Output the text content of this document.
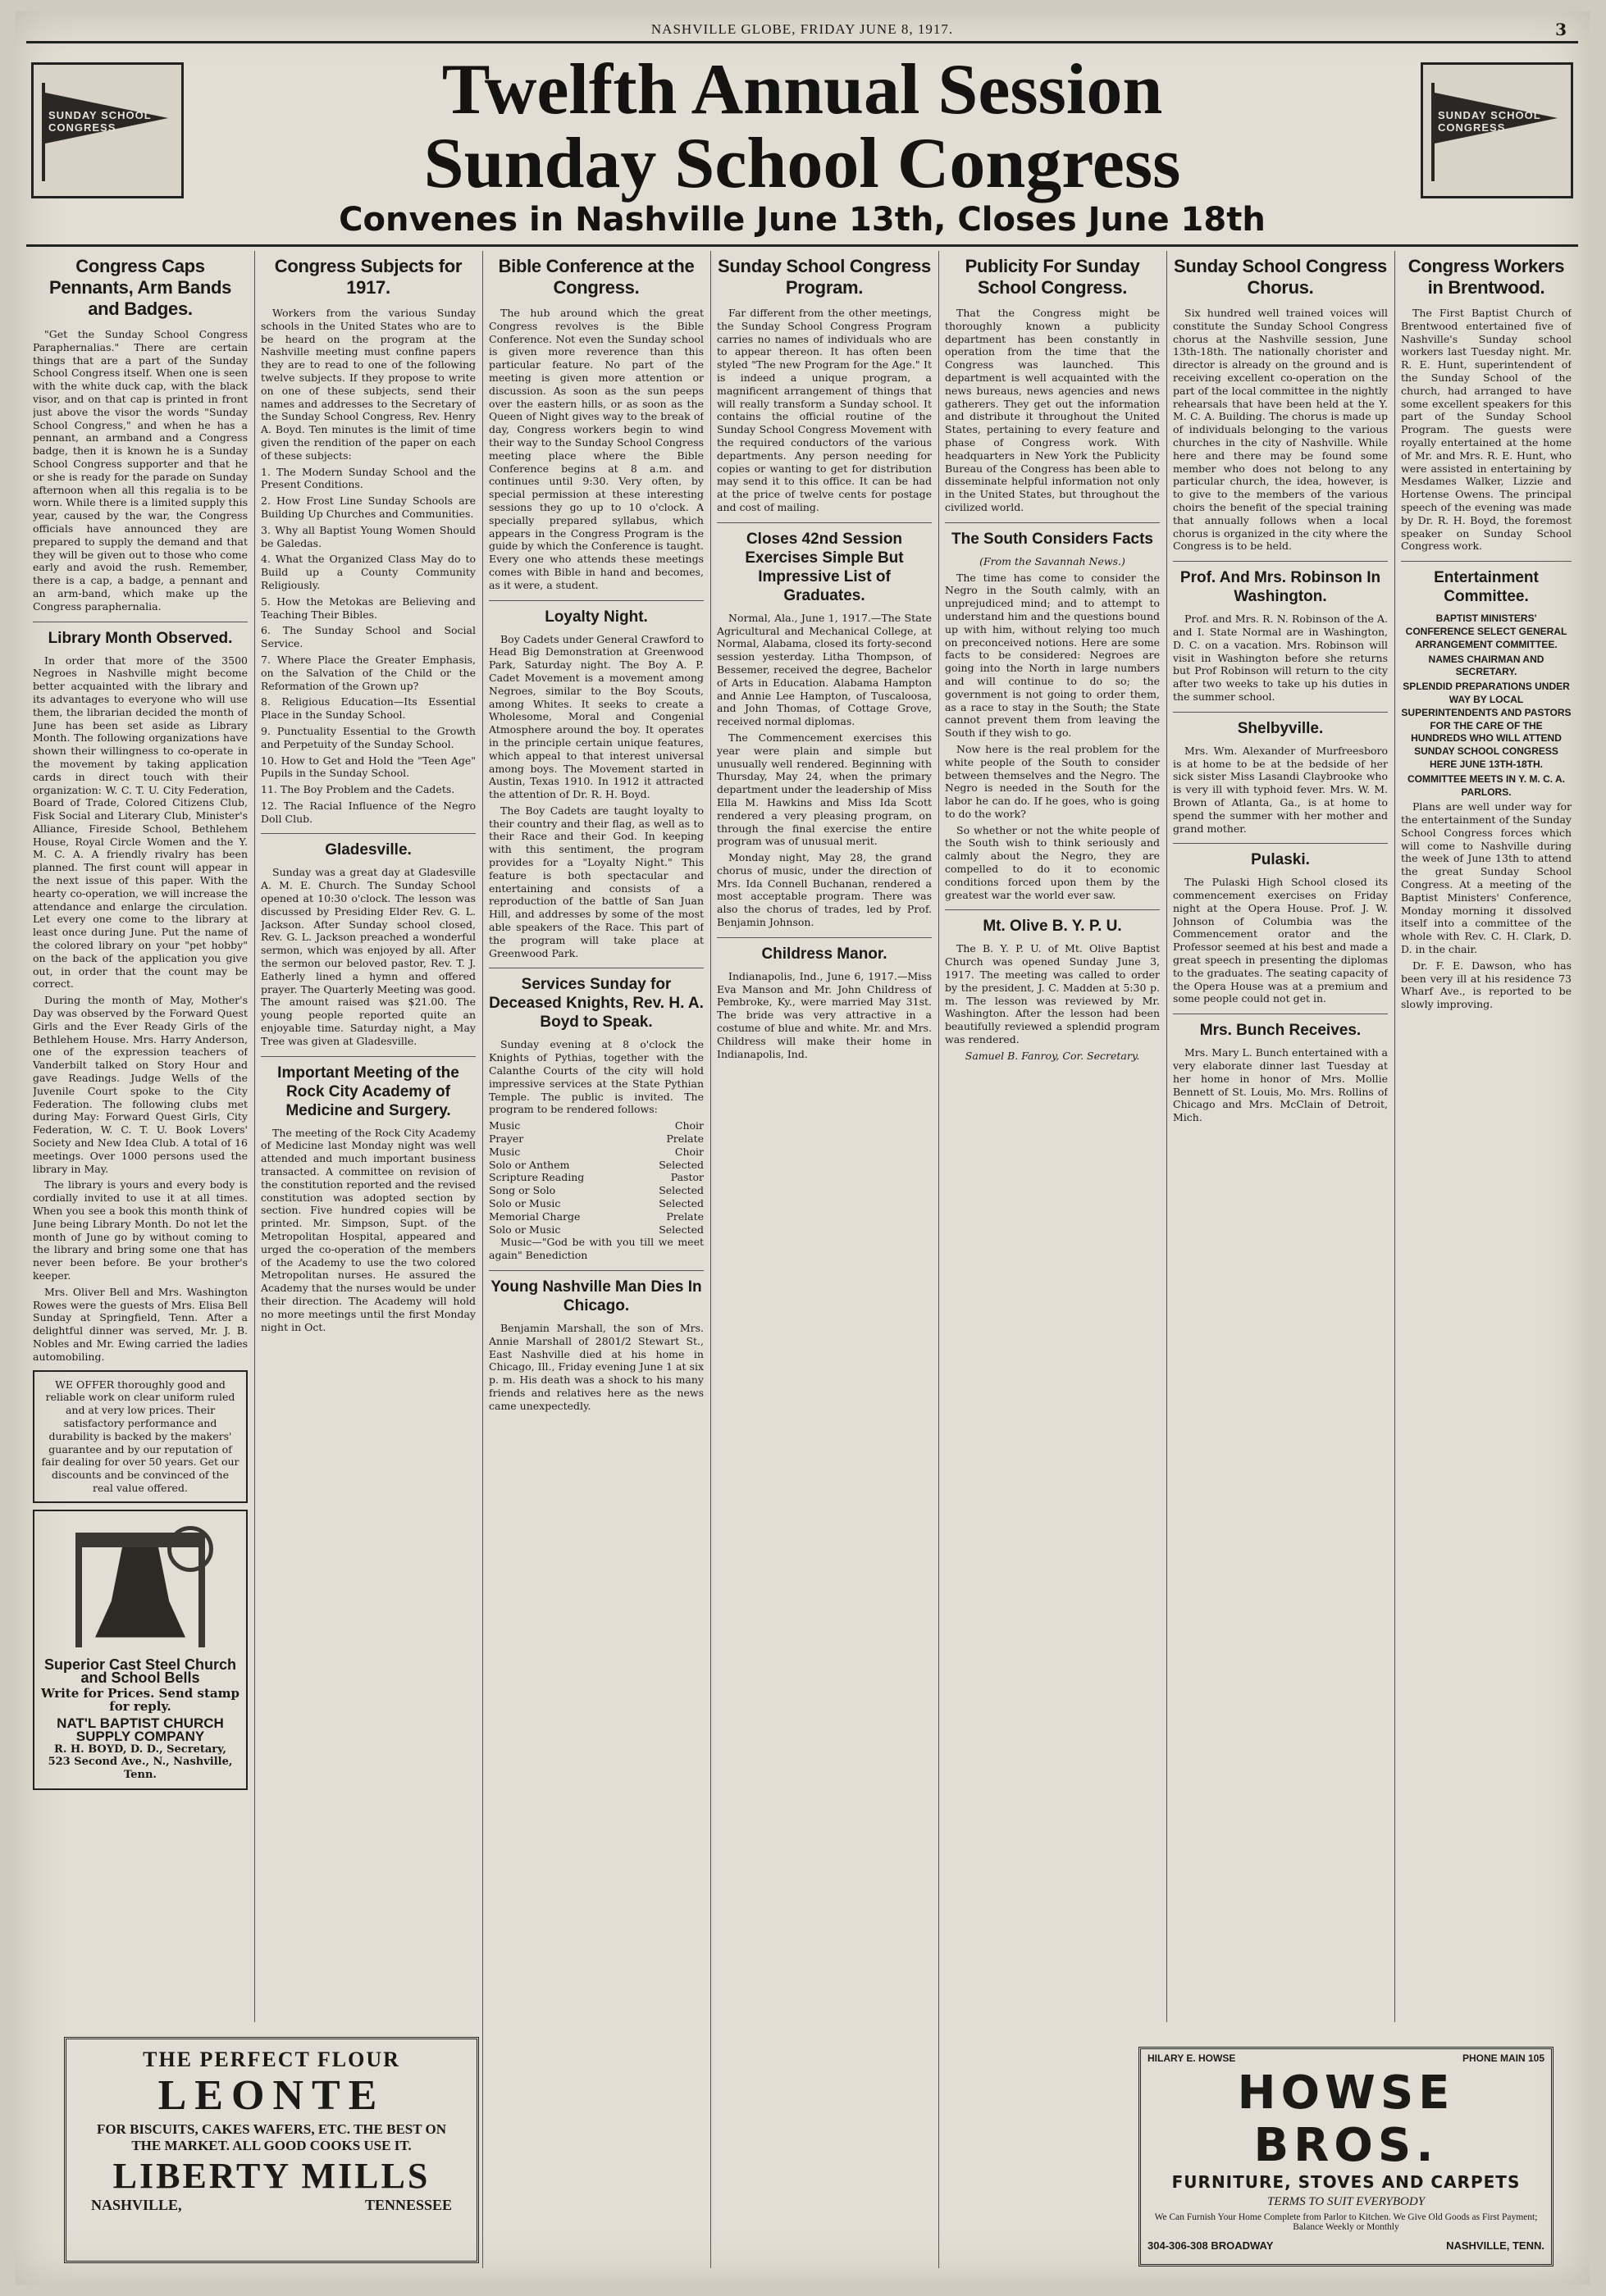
NASHVILLE GLOBE, FRIDAY JUNE 8, 1917.	3
SUNDAY SCHOOL CONGRESS
SUNDAY SCHOOL CONGRESS
Twelfth Annual Session
Sunday School Congress
Convenes in Nashville June 13th, Closes June 18th
Congress Caps Pennants, Arm Bands and Badges.

"Get the Sunday School Congress Paraphernalias." There are certain things that are a part of the Sunday School Congress itself. When one is seen with the white duck cap, with the black visor, and on that cap is printed in front just above the visor the words "Sunday School Congress," and when he has a pennant, an armband and a Congress badge, then it is known he is a Sunday School Congress supporter and that he or she is ready for the parade on Sunday afternoon when all this regalia is to be worn. While there is a limited supply this year, caused by the war, the Congress officials have announced they are prepared to supply the demand and that they will be given out to those who come early and avoid the rush. Remember, there is a cap, a badge, a pennant and an arm-band, which make up the Congress paraphernalia.

Library Month Observed.

In order that more of the 3500 Negroes in Nashville might become better acquainted with the library and its advantages to everyone who will use them, the librarian decided the month of June has been set aside as Library Month. The following organizations have shown their willingness to co-operate in the movement by taking application cards in direct touch with their organization: W. C. T. U. City Federation, Board of Trade, Colored Citizens Club, Fisk Social and Literary Club, Minister's Alliance, Fireside School, Bethlehem House, Royal Circle Women and the Y. M. C. A. A friendly rivalry has been planned. The first count will appear in the next issue of this paper. With the hearty co-operation, we will increase the attendance and enlarge the circulation. Let every one come to the library at least once during June. Put the name of the colored library on your "pet hobby" on the back of the application you give out, in order that the count may be correct.

During the month of May, Mother's Day was observed by the Forward Quest Girls and the Ever Ready Girls of the Bethlehem House. Mrs. Harry Anderson, one of the expression teachers of Vanderbilt talked on Story Hour and gave Readings. Judge Wells of the Juvenile Court spoke to the City Federation. The following clubs met during May: Forward Quest Girls, City Federation, W. C. T. U. Book Lovers' Society and New Idea Club. A total of 16 meetings. Over 1000 persons used the library in May.

The library is yours and every body is cordially invited to use it at all times. When you see a book this month think of June being Library Month. Do not let the month of June go by without coming to the library and bring some one that has never been before. Be your brother's keeper.

Mrs. Oliver Bell and Mrs. Washington Rowes were the guests of Mrs. Elisa Bell Sunday at Springfield, Tenn. After a delightful dinner was served, Mr. J. B. Nobles and Mr. Ewing carried the ladies automobiling.

WE OFFER thoroughly good and reliable work on clear uniform ruled and at very low prices. Their satisfactory performance and durability is backed by the makers' guarantee and by our reputation of fair dealing for over 50 years. Get our discounts and be convinced of the real value offered.
Superior Cast Steel Church and School Bells
Write for Prices. Send stamp for reply.
NAT'L BAPTIST CHURCH SUPPLY COMPANY
R. H. BOYD, D. D., Secretary,
523 Second Ave., N., Nashville, Tenn.
Congress Subjects for 1917.

Workers from the various Sunday schools in the United States who are to be heard on the program at the Nashville meeting must confine papers they are to read to one of the following twelve subjects. If they propose to write on one of these subjects, send their names and addresses to the Secretary of the Sunday School Congress, Rev. Henry A. Boyd. Ten minutes is the limit of time given the rendition of the paper on each of these subjects:

1. The Modern Sunday School and the Present Conditions.

2. How Frost Line Sunday Schools are Building Up Churches and Communities.

3. Why all Baptist Young Women Should be Galedas.

4. What the Organized Class May do to Build up a County Community Religiously.

5. How the Metokas are Believing and Teaching Their Bibles.

6. The Sunday School and Social Service.

7. Where Place the Greater Emphasis, on the Salvation of the Child or the Reformation of the Grown up?

8. Religious Education—Its Essential Place in the Sunday School.

9. Punctuality Essential to the Growth and Perpetuity of the Sunday School.

10. How to Get and Hold the "Teen Age" Pupils in the Sunday School.

11. The Boy Problem and the Cadets.

12. The Racial Influence of the Negro Doll Club.

Gladesville.

Sunday was a great day at Gladesville A. M. E. Church. The Sunday School opened at 10:30 o'clock. The lesson was discussed by Presiding Elder Rev. G. L. Jackson. After Sunday school closed, Rev. G. L. Jackson preached a wonderful sermon, which was enjoyed by all. After the sermon our beloved pastor, Rev. T. J. Eatherly lined a hymn and offered prayer. The Quarterly Meeting was good. The amount raised was $21.00. The young people reported quite an enjoyable time. Saturday night, a May Tree was given at Gladesville.

Important Meeting of the Rock City Academy of Medicine and Surgery.

The meeting of the Rock City Academy of Medicine last Monday night was well attended and much important business transacted. A committee on revision of the constitution reported and the revised constitution was adopted section by section. Five hundred copies will be printed. Mr. Simpson, Supt. of the Metropolitan Hospital, appeared and urged the co-operation of the members of the Academy to use the two colored Metropolitan nurses. He assured the Academy that the nurses would be under their direction. The Academy will hold no more meetings until the first Monday night in Oct.

Bible Conference at the Congress.

The hub around which the great Congress revolves is the Bible Conference. Not even the Sunday school is given more reverence than this particular feature. No part of the meeting is given more attention or discussion. As soon as the sun peeps over the eastern hills, or as soon as the Queen of Night gives way to the break of day, Congress workers begin to wind their way to the Sunday School Congress meeting place where the Bible Conference begins at 8 a.m. and continues until 9:30. Very often, by special permission at these interesting sessions they go up to 10 o'clock. A specially prepared syllabus, which appears in the Congress Program is the guide by which the Conference is taught. Every one who attends these meetings comes with Bible in hand and becomes, as it were, a student.

Loyalty Night.

Boy Cadets under General Crawford to Head Big Demonstration at Greenwood Park, Saturday night. The Boy A. P. Cadet Movement is a movement among Negroes, similar to the Boy Scouts, among Whites. It seeks to create a Wholesome, Moral and Congenial Atmosphere around the boy. It operates in the principle certain unique features, which appeal to that interest universal among boys. The Movement started in Austin, Texas 1910. In 1912 it attracted the attention of Dr. R. H. Boyd.

The Boy Cadets are taught loyalty to their country and their flag, as well as to their Race and their God. In keeping with this sentiment, the program provides for a "Loyalty Night." This feature is both spectacular and entertaining and consists of a reproduction of the battle of San Juan Hill, and addresses by some of the most able speakers of the Race. This part of the program will take place at Greenwood Park.

Services Sunday for Deceased Knights, Rev. H. A. Boyd to Speak.

Sunday evening at 8 o'clock the Knights of Pythias, together with the Calanthe Courts of the city will hold impressive services at the State Pythian Temple. The public is invited. The program to be rendered follows:

Music	Choir
Prayer	Prelate
Music	Choir
Solo or Anthem	Selected
Scripture Reading	Pastor
Song or Solo	Selected
Solo or Music	Selected
Memorial Charge	Prelate
Solo or Music	Selected

Music—"God be with you till we meet again" Benediction

Young Nashville Man Dies In Chicago.

Benjamin Marshall, the son of Mrs. Annie Marshall of 2801/2 Stewart St., East Nashville died at his home in Chicago, Ill., Friday evening June 1 at six p. m. His death was a shock to his many friends and relatives here as the news came unexpectedly.

Sunday School Congress Program.

Far different from the other meetings, the Sunday School Congress Program carries no names of individuals who are to appear thereon. It has often been styled "The new Program for the Age." It is indeed a unique program, a magnificent arrangement of things that will really transform a Sunday school. It contains the official routine of the Sunday School Congress Movement with the required conductors of the various departments. Any person needing for copies or wanting to get for distribution may send it to this office. It can be had at the price of twelve cents for postage and cost of mailing.

Closes 42nd Session Exercises Simple But Impressive List of Graduates.

Normal, Ala., June 1, 1917.—The State Agricultural and Mechanical College, at Normal, Alabama, closed its forty-second session yesterday. Litha Thompson, of Bessemer, received the degree, Bachelor of Arts in Education. Alabama Hampton and Annie Lee Hampton, of Tuscaloosa, and John Thomas, of Cottage Grove, received normal diplomas.

The Commencement exercises this year were plain and simple but unusually well rendered. Beginning with Thursday, May 24, when the primary department under the leadership of Miss Ella M. Hawkins and Miss Ida Scott rendered a very pleasing program, on through the final exercise the entire program was of unusual merit.

Monday night, May 28, the grand chorus of music, under the direction of Mrs. Ida Connell Buchanan, rendered a most acceptable program. There was also the chorus of trades, led by Prof. Benjamin Johnson.

Childress Manor.

Indianapolis, Ind., June 6, 1917.—Miss Eva Manson and Mr. John Childress of Pembroke, Ky., were married May 31st. The bride was very attractive in a costume of blue and white. Mr. and Mrs. Childress will make their home in Indianapolis, Ind.

Publicity For Sunday School Congress.

That the Congress might be thoroughly known a publicity department has been constantly in operation from the time that the Congress was launched. This department is well acquainted with the news bureaus, news agencies and news gatherers. They get out the information and distribute it throughout the United States, pertaining to every feature and phase of Congress work. With headquarters in New York the Publicity Bureau of the Congress has been able to disseminate helpful information not only in the United States, but throughout the civilized world.

The South Considers Facts

(From the Savannah News.)

The time has come to consider the Negro in the South calmly, with an unprejudiced mind; and to attempt to understand him and the questions bound up with him, without relying too much on preconceived notions. Here are some facts to be considered: Negroes are going into the North in large numbers and will continue to do so; the government is not going to order them, as a race to stay in the South; the State cannot prevent them from leaving the South if they wish to go.

Now here is the real problem for the white people of the South to consider between themselves and the Negro. The Negro is needed in the South for the labor he can do. If he goes, who is going to do the work?

So whether or not the white people of the South wish to think seriously and calmly about the Negro, they are compelled to do it to economic conditions forced upon them by the greatest war the world ever saw.

Mt. Olive B. Y. P. U.

The B. Y. P. U. of Mt. Olive Baptist Church was opened Sunday June 3, 1917. The meeting was called to order by the president, J. C. Madden at 5:30 p. m. The lesson was reviewed by Mr. Washington. After the lesson had been beautifully reviewed a splendid program was rendered.

Samuel B. Fanroy, Cor. Secretary.

Sunday School Congress Chorus.

Six hundred well trained voices will constitute the Sunday School Congress chorus at the Nashville session, June 13th-18th. The nationally chorister and director is already on the ground and is receiving excellent co-operation on the part of the local committee in the nightly rehearsals that have been held at the Y. M. C. A. Building. The chorus is made up of individuals belonging to the various churches in the city of Nashville. While here and there may be found some member who does not belong to any particular church, the idea, however, is to give to the members of the various choirs the benefit of the special training that annually follows when a local chorus is organized in the city where the Congress is to be held.

Prof. And Mrs. Robinson In Washington.

Prof. and Mrs. R. N. Robinson of the A. and I. State Normal are in Washington, D. C. on a vacation. Mrs. Robinson will visit in Washington before she returns but Prof Robinson will return to the city after two weeks to take up his duties in the summer school.

Shelbyville.

Mrs. Wm. Alexander of Murfreesboro is at home to be at the bedside of her sick sister Miss Lasandi Claybrooke who is very ill with typhoid fever. Mrs. W. M. Brown of Atlanta, Ga., is at home to spend the summer with her mother and grand mother.

Pulaski.

The Pulaski High School closed its commencement exercises on Friday night at the Opera House. Prof. J. W. Johnson of Columbia was the Commencement orator and the Professor seemed at his best and made a great speech in presenting the diplomas to the graduates. The seating capacity of the Opera House was at a premium and some people could not get in.

Mrs. Bunch Receives.

Mrs. Mary L. Bunch entertained with a very elaborate dinner last Tuesday at her home in honor of Mrs. Mollie Bennett of St. Louis, Mo. Mrs. Rollins of Chicago and Mrs. McClain of Detroit, Mich.

Congress Workers in Brentwood.

The First Baptist Church of Brentwood entertained five of Nashville's Sunday school workers last Tuesday night. Mr. R. E. Hunt, superintendent of the Sunday School of the church, had arranged to have some excellent speakers for this part of the Sunday School Program. The guests were royally entertained at the home of Mr. and Mrs. R. E. Hunt, who were assisted in entertaining by Mesdames Walker, Lizzie and Hortense Owens. The principal speech of the evening was made by Dr. R. H. Boyd, the foremost speaker on Sunday School Congress work.

Entertainment Committee.

BAPTIST MINISTERS' CONFERENCE SELECT GENERAL ARRANGEMENT COMMITTEE.

NAMES CHAIRMAN AND SECRETARY.

SPLENDID PREPARATIONS UNDER WAY BY LOCAL SUPERINTENDENTS AND PASTORS FOR THE CARE OF THE HUNDREDS WHO WILL ATTEND SUNDAY SCHOOL CONGRESS HERE JUNE 13TH-18TH.

COMMITTEE MEETS IN Y. M. C. A. PARLORS.

Plans are well under way for the entertainment of the Sunday School Congress forces which will come to Nashville during the week of June 13th to attend the great Sunday School Congress. At a meeting of the Baptist Ministers' Conference, Monday morning it dissolved itself into a committee of the whole with Rev. C. H. Clark, D. D. in the chair.

Dr. F. E. Dawson, who has been very ill at his residence 73 Wharf Ave., is reported to be slowly improving.

THE PERFECT FLOUR
LEONTE
FOR BISCUITS, CAKES WAFERS, ETC. THE BEST ON THE MARKET. ALL GOOD COOKS USE IT.
LIBERTY MILLS
NASHVILLE,	TENNESSEE
HILARY E. HOWSE	PHONE MAIN 105
HOWSE BROS.
FURNITURE, STOVES AND CARPETS
TERMS TO SUIT EVERYBODY
We Can Furnish Your Home Complete from Parlor to Kitchen. We Give Old Goods as First Payment; Balance Weekly or Monthly
304-306-308 BROADWAY	NASHVILLE, TENN.
